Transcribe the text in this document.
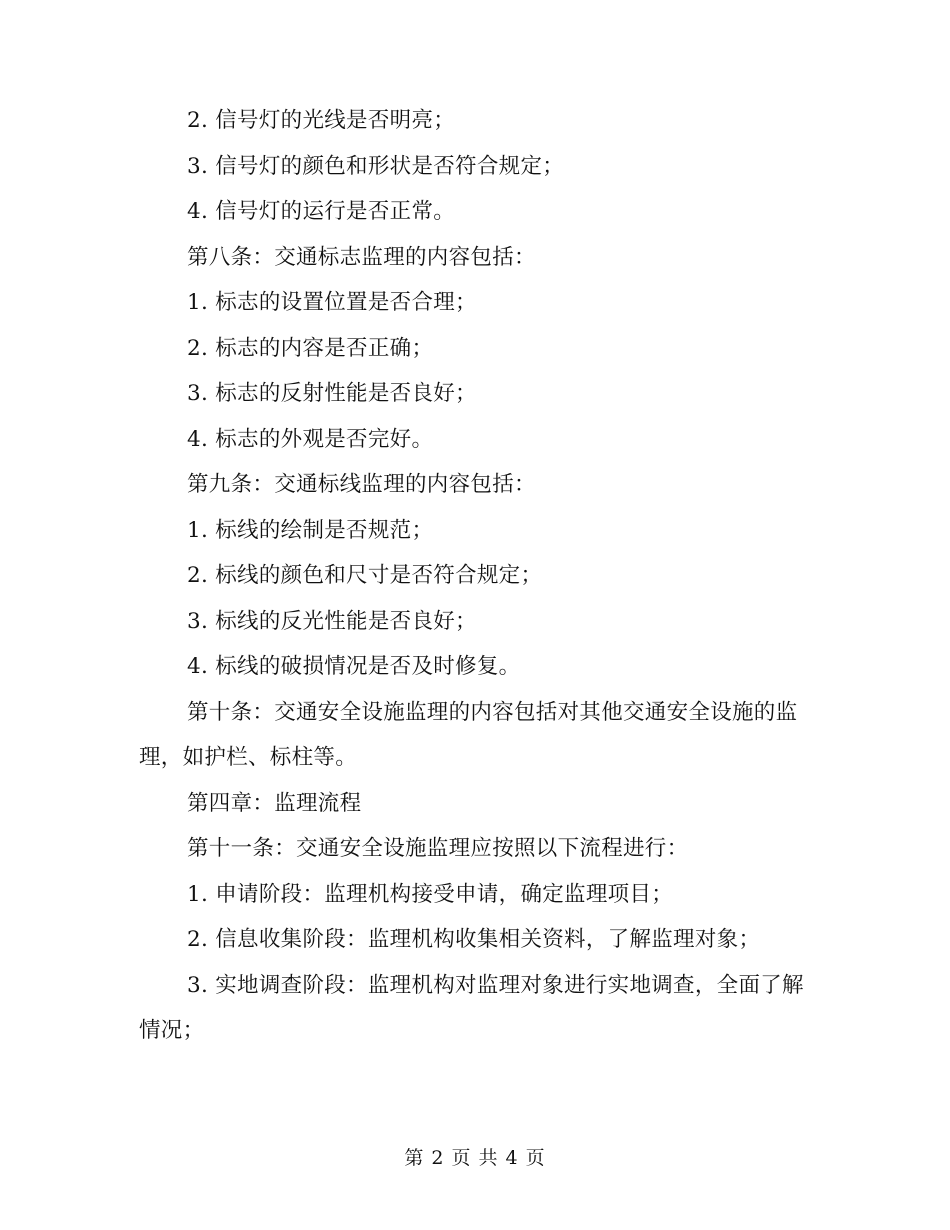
2. 信号灯的光线是否明亮；

3. 信号灯的颜色和形状是否符合规定；

4. 信号灯的运行是否正常。

第八条：交通标志监理的内容包括：

1. 标志的设置位置是否合理；

2. 标志的内容是否正确；

3. 标志的反射性能是否良好；

4. 标志的外观是否完好。

第九条：交通标线监理的内容包括：

1. 标线的绘制是否规范；

2. 标线的颜色和尺寸是否符合规定；

3. 标线的反光性能是否良好；

4. 标线的破损情况是否及时修复。

第十条：交通安全设施监理的内容包括对其他交通安全设施的监理，如护栏、标柱等。

第四章：监理流程

第十一条：交通安全设施监理应按照以下流程进行：

1. 申请阶段：监理机构接受申请，确定监理项目；

2. 信息收集阶段：监理机构收集相关资料，了解监理对象；

3. 实地调查阶段：监理机构对监理对象进行实地调查，全面了解情况；

第 2 页 共 4 页
